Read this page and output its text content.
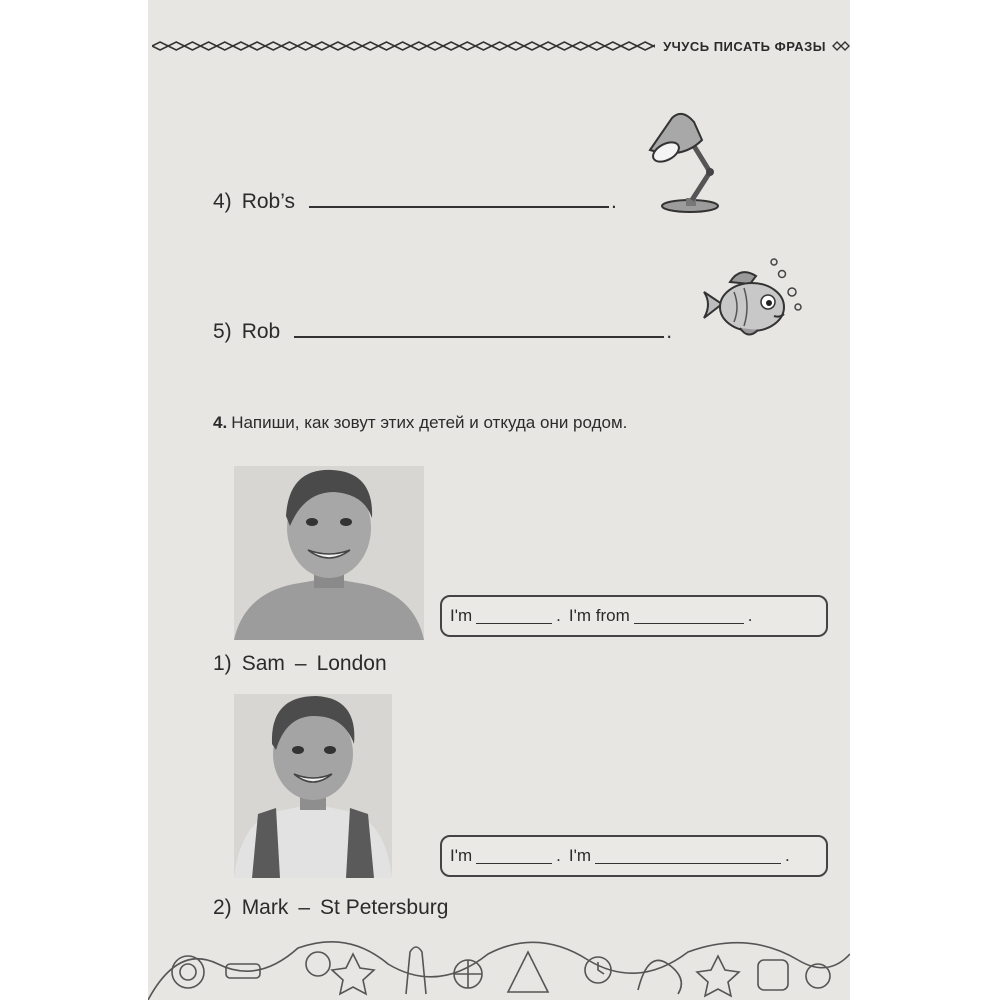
УЧУСЬ ПИСАТЬ ФРАЗЫ
4) Rob’s	.
5) Rob	.
4. Напиши, как зовут этих детей и откуда они родом.
1) Sam – London
I'm	. I'm from	.
2) Mark – St Petersburg
I'm	. I'm	.
